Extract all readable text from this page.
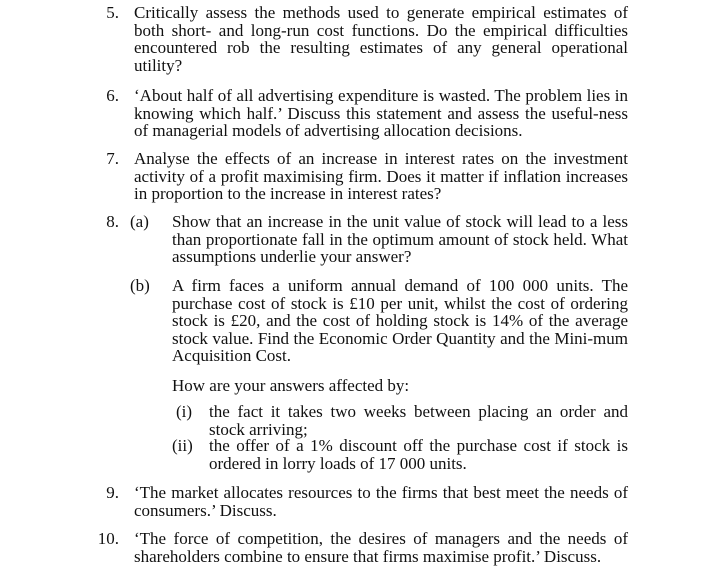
5. Critically assess the methods used to generate empirical estimates of both short- and long-run cost functions. Do the empirical difficulties encountered rob the resulting estimates of any general operational utility?
6. ‘About half of all advertising expenditure is wasted. The problem lies in knowing which half.’ Discuss this statement and assess the useful-ness of managerial models of advertising allocation decisions.
7. Analyse the effects of an increase in interest rates on the investment activity of a profit maximising firm. Does it matter if inflation increases in proportion to the increase in interest rates?
8. (a)	Show that an increase in the unit value of stock will lead to a less than proportionate fall in the optimum amount of stock held. What assumptions underlie your answer?
(b)	A firm faces a uniform annual demand of 100 000 units. The purchase cost of stock is £10 per unit, whilst the cost of ordering stock is £20, and the cost of holding stock is 14% of the average stock value. Find the Economic Order Quantity and the Mini-mum Acquisition Cost.
How are your answers affected by:
(i) the fact it takes two weeks between placing an order and stock arriving;
(ii) the offer of a 1% discount off the purchase cost if stock is ordered in lorry loads of 17 000 units.
9. ‘The market allocates resources to the firms that best meet the needs of consumers.’ Discuss.
10. ‘The force of competition, the desires of managers and the needs of shareholders combine to ensure that firms maximise profit.’ Discuss.
